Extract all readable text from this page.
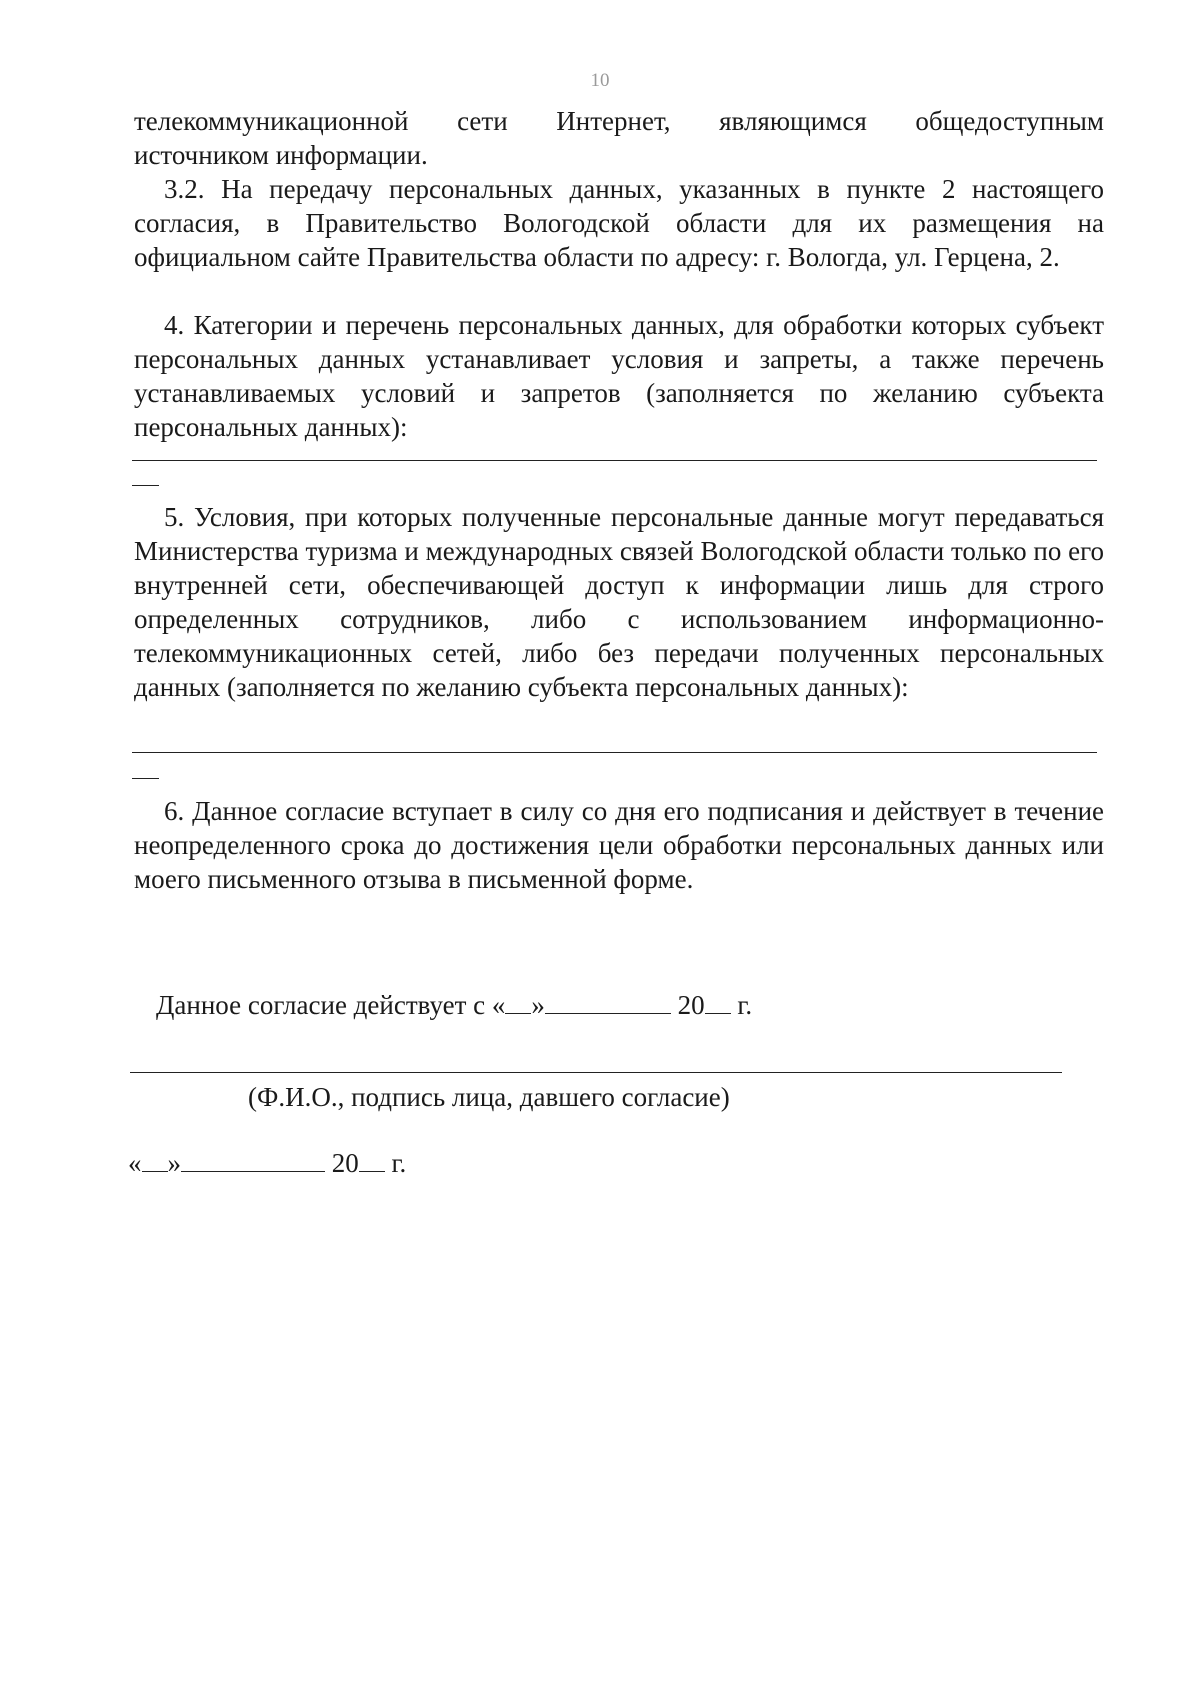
10
телекоммуникационной сети Интернет, являющимся общедоступным
источником информации.

3.2. На передачу персональных данных, указанных в пункте 2 настоящего согласия, в Правительство Вологодской области для их размещения на официальном сайте Правительства области по адресу: г. Вологда, ул. Герцена, 2.

4. Категории и перечень персональных данных, для обработки которых субъект персональных данных устанавливает условия и запреты, а также перечень устанавливаемых условий и запретов (заполняется по желанию субъекта персональных данных):

5. Условия, при которых полученные персональные данные могут передаваться Министерства туризма и международных связей Вологодской области только по его внутренней сети, обеспечивающей доступ к информации лишь для строго определенных сотрудников, либо с использованием информационно-телекоммуникационных сетей, либо без передачи полученных персональных данных (заполняется по желанию субъекта персональных данных):

6. Данное согласие вступает в силу со дня его подписания и действует в течение неопределенного срока до достижения цели обработки персональных данных или моего письменного отзыва в письменной форме.

Данное согласие действует с « »	20 г.
(Ф.И.О., подпись лица, давшего согласие)
« »	20 г.
